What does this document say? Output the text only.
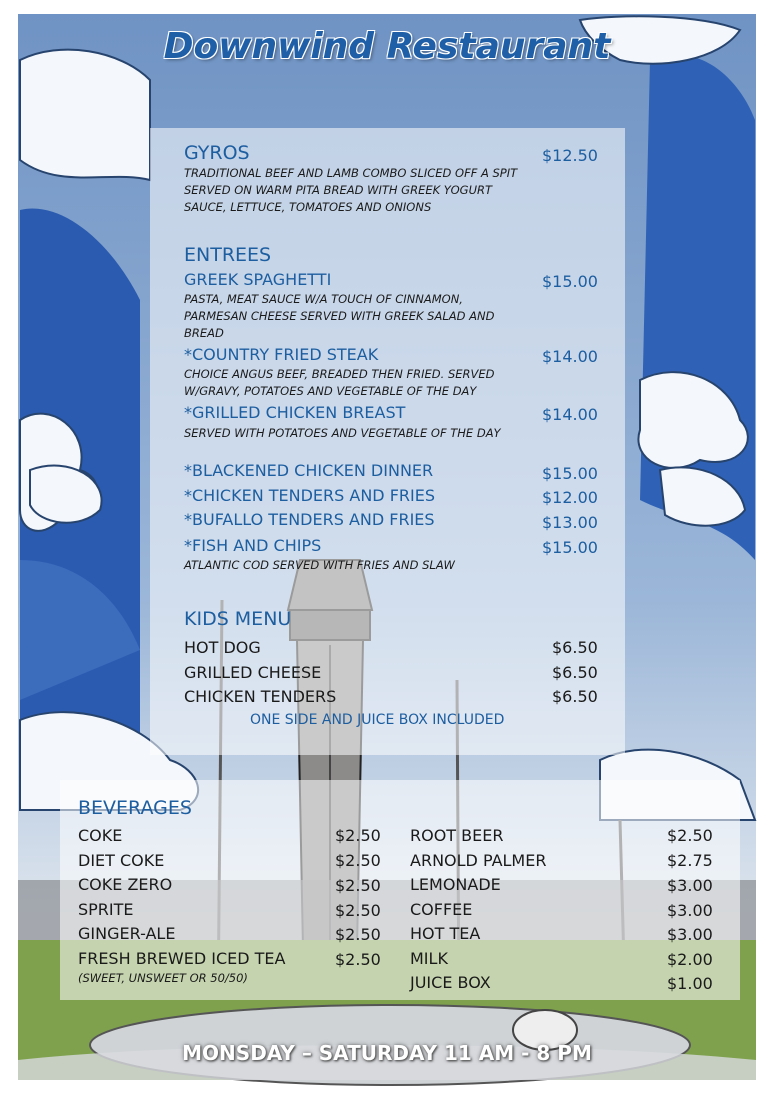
Downwind Restaurant
GYROS	$12.50
TRADITIONAL BEEF AND LAMB COMBO SLICED OFF A SPIT SERVED ON WARM PITA BREAD WITH GREEK YOGURT SAUCE, LETTUCE, TOMATOES AND ONIONS
ENTREES
GREEK SPAGHETTI	$15.00
PASTA, MEAT SAUCE W/A TOUCH OF CINNAMON, PARMESAN CHEESE SERVED WITH GREEK SALAD AND BREAD
*COUNTRY FRIED STEAK	$14.00
CHOICE ANGUS BEEF, BREADED THEN FRIED. SERVED W/GRAVY, POTATOES AND VEGETABLE OF THE DAY
*GRILLED CHICKEN BREAST	$14.00
SERVED WITH POTATOES AND VEGETABLE OF THE DAY
*BLACKENED CHICKEN DINNER	$15.00
*CHICKEN TENDERS AND FRIES	$12.00
*BUFALLO TENDERS AND FRIES	$13.00
*FISH AND CHIPS	$15.00
ATLANTIC COD SERVED WITH FRIES AND SLAW
KIDS MENU
HOT DOG	$6.50
GRILLED CHEESE	$6.50
CHICKEN TENDERS	$6.50
ONE SIDE AND JUICE BOX INCLUDED
BEVERAGES
COKE	$2.50
DIET COKE	$2.50
COKE ZERO	$2.50
SPRITE	$2.50
GINGER-ALE	$2.50
FRESH BREWED ICED TEA	$2.50
(SWEET, UNSWEET OR 50/50)
ROOT BEER	$2.50
ARNOLD PALMER	$2.75
LEMONADE	$3.00
COFFEE	$3.00
HOT TEA	$3.00
MILK	$2.00
JUICE BOX	$1.00
MONSDAY – SATURDAY 11 AM - 8 PM
